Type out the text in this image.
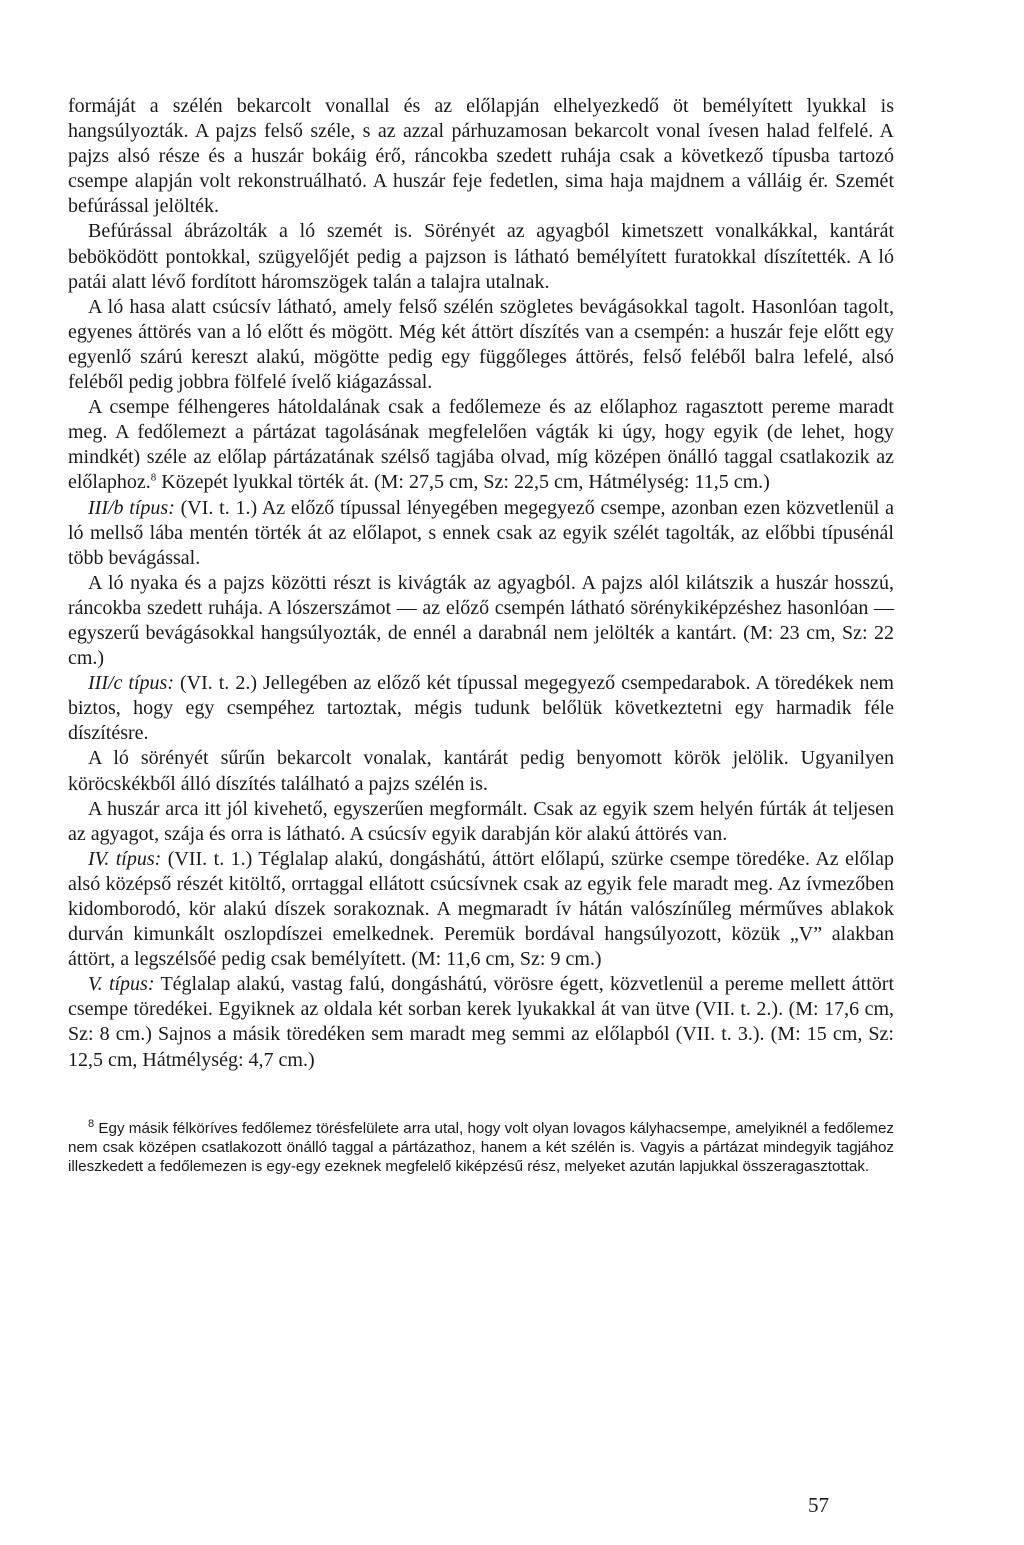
formáját a szélén bekarcolt vonallal és az előlapján elhelyezkedő öt bemélyített lyukkal is hangsúlyozták. A pajzs felső széle, s az azzal párhuzamosan bekarcolt vonal ívesen halad felfelé. A pajzs alsó része és a huszár bokáig érő, ráncokba szedett ruhája csak a következő típusba tartozó csempe alapján volt rekonstruálható. A huszár feje fedetlen, sima haja majdnem a válláig ér. Szemét befúrással jelölték.

Befúrással ábrázolták a ló szemét is. Sörényét az agyagból kimetszett vonalkákkal, kantárát beböködött pontokkal, szügyelőjét pedig a pajzson is látható bemélyített furatokkal díszítették. A ló patái alatt lévő fordított háromszögek talán a talajra utalnak.

A ló hasa alatt csúcsív látható, amely felső szélén szögletes bevágásokkal tagolt. Hasonlóan tagolt, egyenes áttörés van a ló előtt és mögött. Még két áttört díszítés van a csempén: a huszár feje előtt egy egyenlő szárú kereszt alakú, mögötte pedig egy függőleges áttörés, felső feléből balra lefelé, alsó feléből pedig jobbra fölfelé ívelő kiágazással.

A csempe félhengeres hátoldalának csak a fedőlemeze és az előlaphoz ragasztott pereme maradt meg. A fedőlemezt a pártázat tagolásának megfelelően vágták ki úgy, hogy egyik (de lehet, hogy mindkét) széle az előlap pártázatának szélső tagjába olvad, míg középen önálló taggal csatlakozik az előlaphoz.$^8$ Közepét lyukkal törték át. (M: 27,5 cm, Sz: 22,5 cm, Hátmélység: 11,5 cm.)

III/b típus: (VI. t. 1.) Az előző típussal lényegében megegyező csempe, azonban ezen közvetlenül a ló mellső lába mentén törték át az előlapot, s ennek csak az egyik szélét tagolták, az előbbi típusénál több bevágással.

A ló nyaka és a pajzs közötti részt is kivágták az agyagból. A pajzs alól kilátszik a huszár hosszú, ráncokba szedett ruhája. A lószerszámot — az előző csempén látható sörénykiképzéshez hasonlóan — egyszerű bevágásokkal hangsúlyozták, de ennél a darabnál nem jelölték a kantárt. (M: 23 cm, Sz: 22 cm.)

III/c típus: (VI. t. 2.) Jellegében az előző két típussal megegyező csempedarabok. A töredékek nem biztos, hogy egy csempéhez tartoztak, mégis tudunk belőlük következtetni egy harmadik féle díszítésre.

A ló sörényét sűrűn bekarcolt vonalak, kantárát pedig benyomott körök jelölik. Ugyanilyen köröcskékből álló díszítés található a pajzs szélén is.

A huszár arca itt jól kivehető, egyszerűen megformált. Csak az egyik szem helyén fúrták át teljesen az agyagot, szája és orra is látható. A csúcsív egyik darabján kör alakú áttörés van.

IV. típus: (VII. t. 1.) Téglalap alakú, dongáshátú, áttört előlapú, szürke csempe töredéke. Az előlap alsó középső részét kitöltő, orrtaggal ellátott csúcsívnek csak az egyik fele maradt meg. Az ívmezőben kidomborodó, kör alakú díszek sorakoznak. A megmaradt ív hátán valószínűleg mérműves ablakok durván kimunkált oszlopdíszei emelkednek. Peremük bordával hangsúlyozott, közük „V” alakban áttört, a legszélsőé pedig csak bemélyített. (M: 11,6 cm, Sz: 9 cm.)

V. típus: Téglalap alakú, vastag falú, dongáshátú, vörösre égett, közvetlenül a pereme mellett áttört csempe töredékei. Egyiknek az oldala két sorban kerek lyukakkal át van ütve (VII. t. 2.). (M: 17,6 cm, Sz: 8 cm.) Sajnos a másik töredéken sem maradt meg semmi az előlapból (VII. t. 3.). (M: 15 cm, Sz: 12,5 cm, Hátmélység: 4,7 cm.)

$^8$ Egy másik félköríves fedőlemez törésfelülete arra utal, hogy volt olyan lovagos kályhacsempe, amelyiknél a fedőlemez nem csak középen csatlakozott önálló taggal a pártázathoz, hanem a két szélén is. Vagyis a pártázat mindegyik tagjához illeszkedett a fedőlemezen is egy-egy ezeknek megfelelő kiképzésű rész, melyeket azután lapjukkal összeragasztottak.

57
